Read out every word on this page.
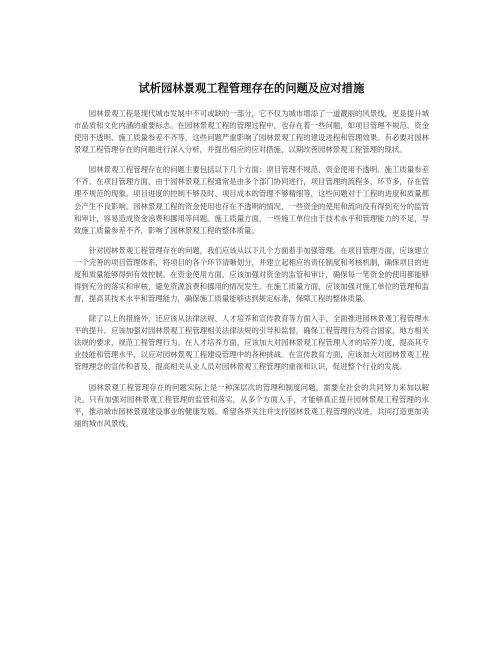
试析园林景观工程管理存在的问题及应对措施

园林景观工程是现代城市发展中不可或缺的一部分，它不仅为城市增添了一道靓丽的风景线，更是提升城市品质和文化内涵的重要标志。在园林景观工程的管理过程中，也存在着一些问题，如项目管理不规范、资金使用不透明、施工质量参差不齐等，这些问题严重影响了园林景观工程的建设进程和管理效果。有必要对园林景观工程管理存在的问题进行深入分析，并提出相应的应对措施，以期改善园林景观工程管理的现状。

园林景观工程管理存在的问题主要包括以下几个方面：项目管理不规范、资金使用不透明、施工质量参差不齐。在项目管理方面，由于园林景观工程通常是由多个部门协同进行，项目管理的流程多、环节多，存在管理不规范的现象。项目进度的控制不够及时、项目成本的管理不够精细等，这些问题对于工程的进度和质量都会产生不良影响。园林景观工程的资金使用也存在不透明的情况，一些资金的使用和流向没有得到充分的监管和审计，容易造成资金浪费和挪用等问题。施工质量方面，一些施工单位由于技术水平和管理能力的不足，导致施工质量参差不齐，影响了园林景观工程的整体质量。

针对园林景观工程管理存在的问题，我们应该从以下几个方面着手加强管理。在项目管理方面，应该建立一个完善的项目管理体系，将项目的各个环节清晰划分，并建立起相应的责任制度和考核机制，确保项目的进度和质量能够得到有效控制。在资金使用方面，应该加强对资金的监管和审计，确保每一笔资金的使用都能够得到充分的落实和审核，避免资源浪费和挪用的情况发生。在施工质量方面，应该加强对施工单位的管理和监督，提高其技术水平和管理能力，确保施工质量能够达到规定标准，保障工程的整体质量。

除了以上的措施外，还应该从法律法规、人才培养和宣传教育等方面入手，全面推进园林景观工程管理水平的提升。应该加强对园林景观工程管理相关法律法规的引导和监督，确保工程管理行为符合国家、地方相关法规的要求，规范工程管理行为。在人才培养方面，应该加大对园林景观工程管理人才的培养力度，提高其专业技能和管理水平，以应对园林景观工程建设管理中的各种挑战。在宣传教育方面，应该加大对园林景观工程管理理念的宣传和普及，提高相关从业人员对园林景观工程管理的重视和认识，促进整个行业的发展。

园林景观工程管理存在的问题实际上是一种深层次的管理和制度问题，需要全社会的共同努力来加以解决。只有加强对园林景观工程管理的监管和落实，从多个方面入手，才能够真正提升园林景观工程管理的水平，推动城市园林景观建设事业的健康发展。希望各界关注并支持园林景观工程管理的改进，共同打造更加美丽的城市风景线。
